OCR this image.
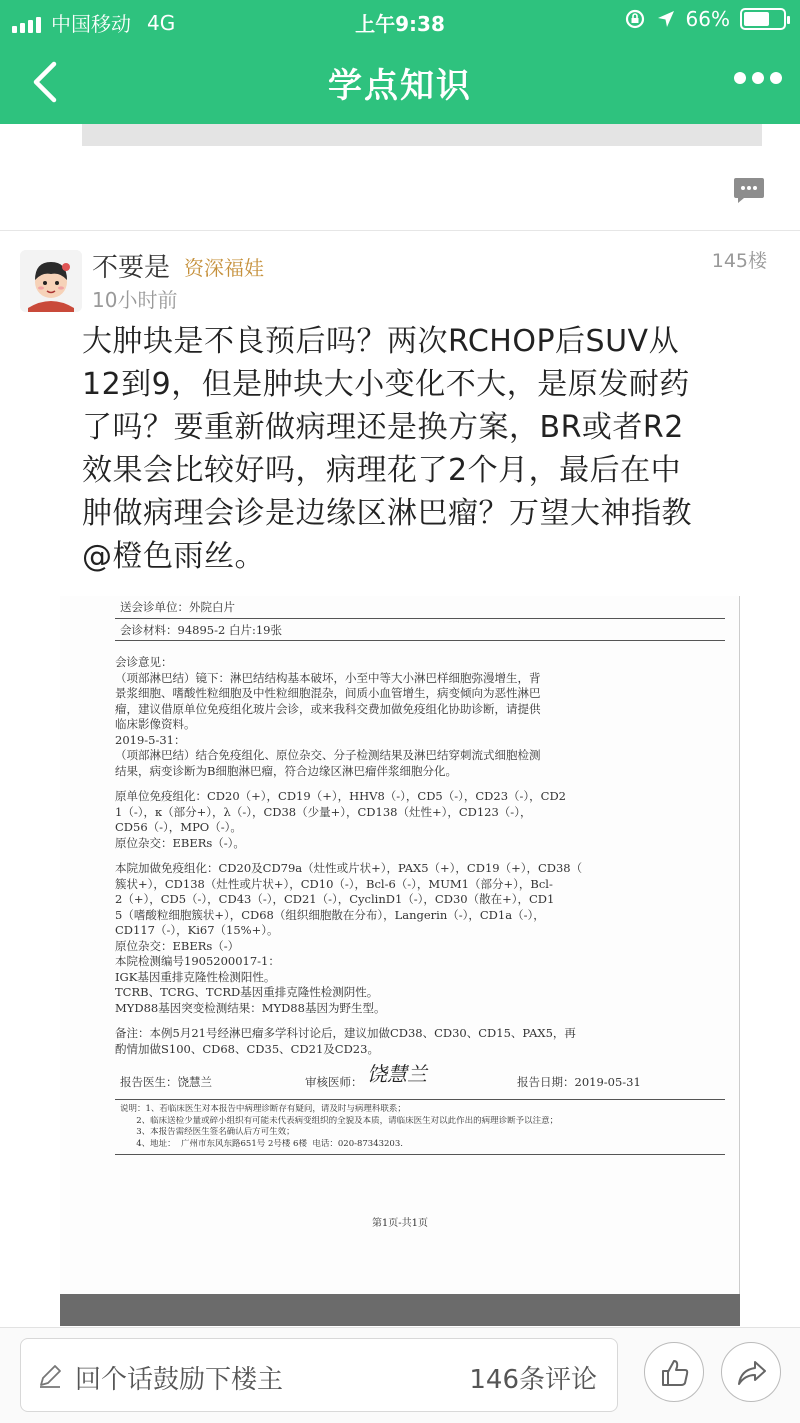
中国移动 4G	上午9:38	66%
学点知识
不要是 资深福娃	145楼
10小时前
大肿块是不良预后吗？两次RCHOP后SUV从
12到9，但是肿块大小变化不大，是原发耐药
了吗？要重新做病理还是换方案，BR或者R2
效果会比较好吗，病理花了2个月，最后在中
肿做病理会诊是边缘区淋巴瘤？万望大神指教
@橙色雨丝。

送会诊单位：外院白片

会诊材料：94895-2 白片:19张

会诊意见：

（项部淋巴结）镜下：淋巴结结构基本破坏，小至中等大小淋巴样细胞弥漫增生，背

景浆细胞、嗜酸性粒细胞及中性粒细胞混杂，间质小血管增生，病变倾向为恶性淋巴

瘤，建议借原单位免疫组化玻片会诊，或来我科交费加做免疫组化协助诊断，请提供

临床影像资料。

2019-5-31：

（项部淋巴结）结合免疫组化、原位杂交、分子检测结果及淋巴结穿刺流式细胞检测

结果，病变诊断为B细胞淋巴瘤，符合边缘区淋巴瘤伴浆细胞分化。

原单位免疫组化：CD20（+），CD19（+），HHV8（-），CD5（-），CD23（-），CD2

1（-），κ（部分+），λ（-），CD38（少量+），CD138（灶性+），CD123（-），

CD56（-），MPO（-）。

原位杂交：EBERs（-）。

本院加做免疫组化：CD20及CD79a（灶性或片状+），PAX5（+），CD19（+），CD38（

簇状+），CD138（灶性或片状+），CD10（-），Bcl-6（-），MUM1（部分+），Bcl-

2（+），CD5（-），CD43（-），CD21（-），CyclinD1（-），CD30（散在+），CD1

5（嗜酸粒细胞簇状+），CD68（组织细胞散在分布），Langerin（-），CD1a（-），

CD117（-），Ki67（15%+）。

原位杂交：EBERs（-）

本院检测编号1905200017-1：

IGK基因重排克隆性检测阳性。

TCRB、TCRG、TCRD基因重排克隆性检测阴性。

MYD88基因突变检测结果：MYD88基因为野生型。

备注：本例5月21号经淋巴瘤多学科讨论后，建议加做CD38、CD30、CD15、PAX5，再

酌情加做S100、CD68、CD35、CD21及CD23。

报告医生：饶慧兰	审核医师： 饶慧兰	报告日期：2019-05-31

说明：1、若临床医生对本报告中病理诊断存有疑问，请及时与病理科联系；

2、临床送检少量或碎小组织有可能未代表病变组织的全貌及本质，请临床医生对以此作出的病理诊断予以注意；

3、本报告需经医生签名确认后方可生效；

4、地址：  广州市东风东路651号 2号楼 6楼  电话：020-87343203.

第1页-共1页
回个话鼓励下楼主	146条评论
